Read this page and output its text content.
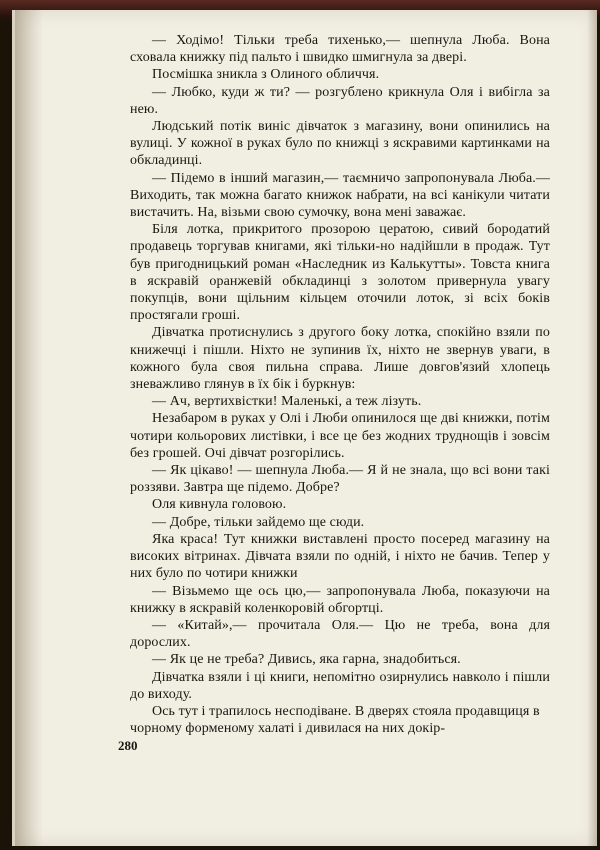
— Ходімо! Тільки треба тихенько,— шепнула Люба. Вона сховала книжку під пальто і швидко шмигнула за двері.

Посмішка зникла з Олиного обличчя.

— Любко, куди ж ти? — розгублено крикнула Оля і вибігла за нею.

Людський потік виніс дівчаток з магазину, вони опинились на вулиці. У кожної в руках було по книжці з яскравими картинками на обкладинці.

— Підемо в інший магазин,— таємничо запропонувала Люба.— Виходить, так можна багато книжок набрати, на всі канікули читати вистачить. На, візьми свою сумочку, вона мені заважає.

Біля лотка, прикритого прозорою цератою, сивий бородатий продавець торгував книгами, які тільки-но надійшли в продаж. Тут був пригодницький роман «Наследник из Калькутты». Товста книга в яскравій оранжевій обкладинці з золотом привернула увагу покупців, вони щільним кільцем оточили лоток, зі всіх боків простягали гроші.

Дівчатка протиснулись з другого боку лотка, спокійно взяли по книжечці і пішли. Ніхто не зупинив їх, ніхто не звернув уваги, в кожного була своя пильна справа. Лише довгов'язий хлопець зневажливо глянув в їх бік і буркнув:

— Ач, вертихвістки! Маленькі, а теж лізуть.

Незабаром в руках у Олі і Люби опинилося ще дві книжки, потім чотири кольорових листівки, і все це без жодних труднощів і зовсім без грошей. Очі дівчат розгорілись.

— Як цікаво! — шепнула Люба.— Я й не знала, що всі вони такі роззяви. Завтра ще підемо. Добре?

Оля кивнула головою.

— Добре, тільки зайдемо ще сюди.

Яка краса! Тут книжки виставлені просто посеред магазину на високих вітринах. Дівчата взяли по одній, і ніхто не бачив. Тепер у них було по чотири книжки

— Візьмемо ще ось цю,— запропонувала Люба, показуючи на книжку в яскравій коленкоровій обгортці.

— «Китай»,— прочитала Оля.— Цю не треба, вона для дорослих.

— Як це не треба? Дивись, яка гарна, знадобиться.

Дівчатка взяли і ці книги, непомітно озирнулись навколо і пішли до виходу.

Ось тут і трапилось несподіване. В дверях стояла продавщиця в чорному форменому халаті і дивилася на них докір-

280
